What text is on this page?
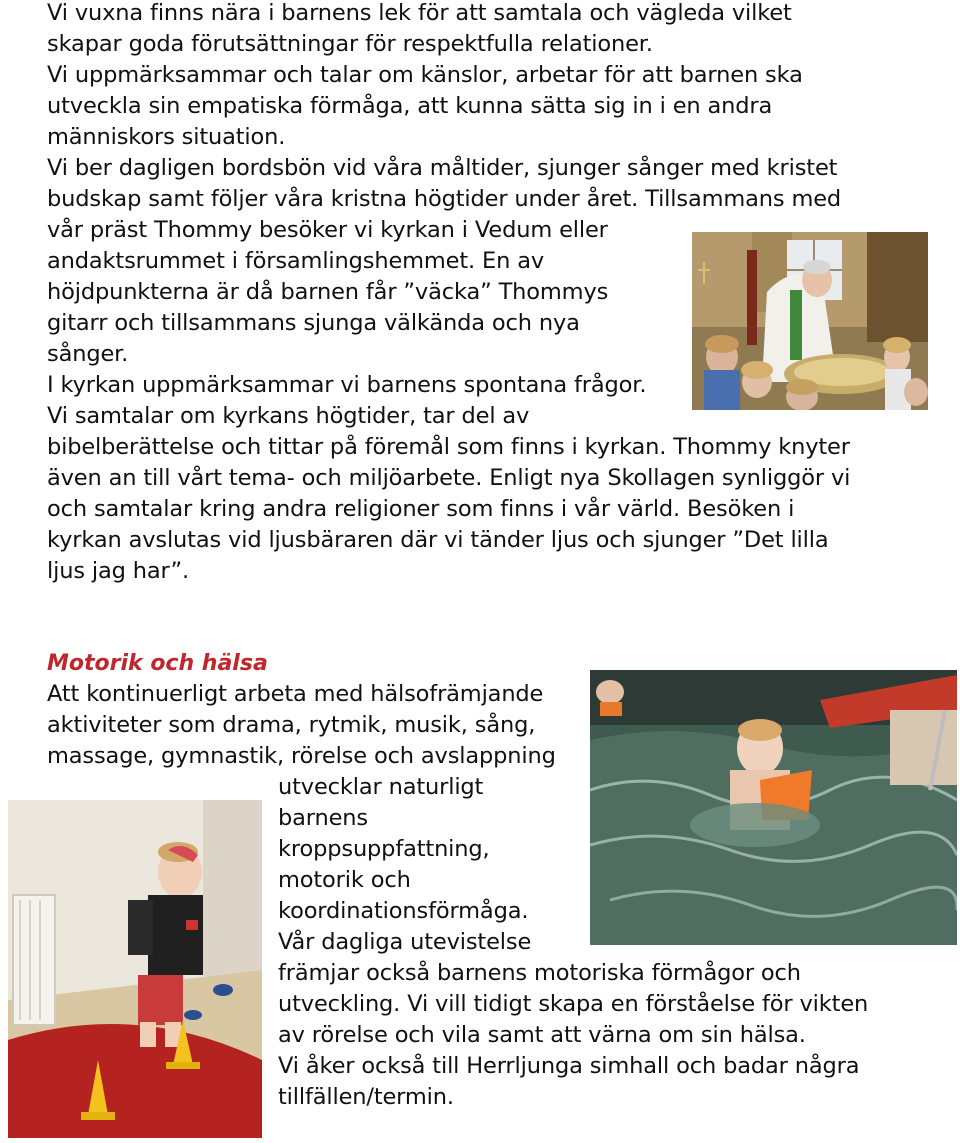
Vi vuxna finns nära i barnens lek för att samtala och vägleda vilket
skapar goda förutsättningar för respektfulla relationer.
Vi uppmärksammar och talar om känslor, arbetar för att barnen ska
utveckla sin empatiska förmåga, att kunna sätta sig in i en andra
människors situation.
Vi ber dagligen bordsbön vid våra måltider, sjunger sånger med kristet
budskap samt följer våra kristna högtider under året. Tillsammans med
vår präst Thommy besöker vi kyrkan i Vedum eller
andaktsrummet i församlingshemmet. En av
höjdpunkterna är då barnen får ”väcka” Thommys
gitarr och tillsammans sjunga välkända och nya
sånger.
I kyrkan uppmärksammar vi barnens spontana frågor.
Vi samtalar om kyrkans högtider, tar del av
bibelberättelse och tittar på föremål som finns i kyrkan. Thommy knyter
även an till vårt tema- och miljöarbete. Enligt nya Skollagen synliggör vi
och samtalar kring andra religioner som finns i vår värld. Besöken i
kyrkan avslutas vid ljusbäraren där vi tänder ljus och sjunger ”Det lilla
ljus jag har”.
Motorik och hälsa
Att kontinuerligt arbeta med hälsofrämjande
aktiviteter som drama, rytmik, musik, sång,
massage, gymnastik, rörelse och avslappning
utvecklar naturligt
barnens
kroppsuppfattning,
motorik och
koordinationsförmåga.
Vår dagliga utevistelse
främjar också barnens motoriska förmågor och
utveckling. Vi vill tidigt skapa en förståelse för vikten
av rörelse och vila samt att värna om sin hälsa.
Vi åker också till Herrljunga simhall och badar några
tillfällen/termin.
